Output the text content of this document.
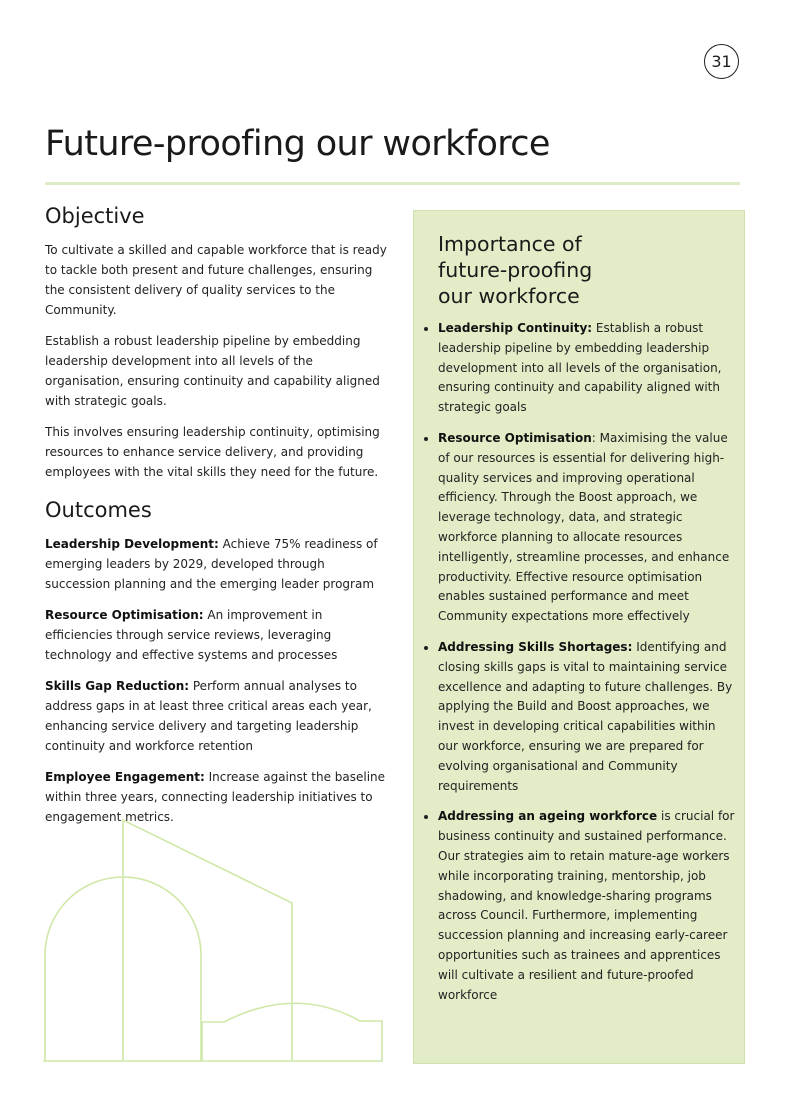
31
Future-proofing our workforce
Objective

To cultivate a skilled and capable workforce that is ready to tackle both present and future challenges, ensuring the consistent delivery of quality services to the Community.

Establish a robust leadership pipeline by embedding leadership development into all levels of the organisation, ensuring continuity and capability aligned with strategic goals.

This involves ensuring leadership continuity, optimising resources to enhance service delivery, and providing employees with the vital skills they need for the future.

Outcomes

Leadership Development: Achieve 75% readiness of emerging leaders by 2029, developed through succession planning and the emerging leader program

Resource Optimisation: An improvement in efficiencies through service reviews, leveraging technology and effective systems and processes

Skills Gap Reduction: Perform annual analyses to address gaps in at least three critical areas each year, enhancing service delivery and targeting leadership continuity and workforce retention

Employee Engagement: Increase against the baseline within three years, connecting leadership initiatives to engagement metrics.

Importance of
future-proofing
our workforce
Leadership Continuity: Establish a robust leadership pipeline by embedding leadership development into all levels of the organisation, ensuring continuity and capability aligned with strategic goals
Resource Optimisation: Maximising the value of our resources is essential for delivering high-quality services and improving operational efficiency. Through the Boost approach, we leverage technology, data, and strategic workforce planning to allocate resources intelligently, streamline processes, and enhance productivity. Effective resource optimisation enables sustained performance and meet Community expectations more effectively
Addressing Skills Shortages: Identifying and closing skills gaps is vital to maintaining service excellence and adapting to future challenges. By applying the Build and Boost approaches, we invest in developing critical capabilities within our workforce, ensuring we are prepared for evolving organisational and Community requirements
Addressing an ageing workforce is crucial for business continuity and sustained performance. Our strategies aim to retain mature-age workers while incorporating training, mentorship, job shadowing, and knowledge-sharing programs across Council. Furthermore, implementing succession planning and increasing early-career opportunities such as trainees and apprentices will cultivate a resilient and future-proofed workforce
